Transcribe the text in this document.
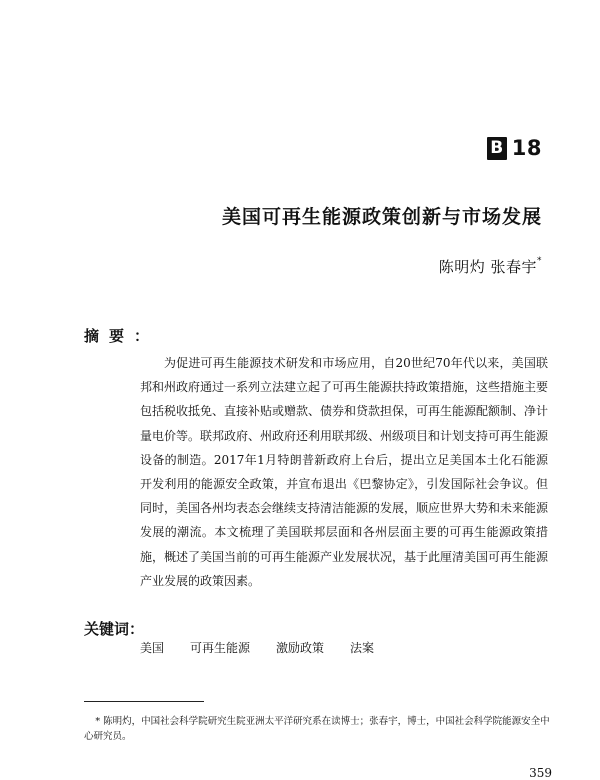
B 18
美国可再生能源政策创新与市场发展
陈明灼 张春宇*
摘要：
为促进可再生能源技术研发和市场应用，自20世纪70年代以来，美国联邦和州政府通过一系列立法建立起了可再生能源扶持政策措施，这些措施主要包括税收抵免、直接补贴或赠款、债券和贷款担保，可再生能源配额制、净计量电价等。联邦政府、州政府还利用联邦级、州级项目和计划支持可再生能源设备的制造。2017年1月特朗普新政府上台后，提出立足美国本土化石能源开发利用的能源安全政策，并宣布退出《巴黎协定》，引发国际社会争议。但同时，美国各州均表态会继续支持清洁能源的发展，顺应世界大势和未来能源发展的潮流。本文梳理了美国联邦层面和各州层面主要的可再生能源政策措施，概述了美国当前的可再生能源产业发展状况，基于此厘清美国可再生能源产业发展的政策因素。
关键词：
美国 可再生能源 激励政策 法案
* 陈明灼，中国社会科学院研究生院亚洲太平洋研究系在读博士；张春宇，博士，中国社会科学院能源安全中心研究员。
359
